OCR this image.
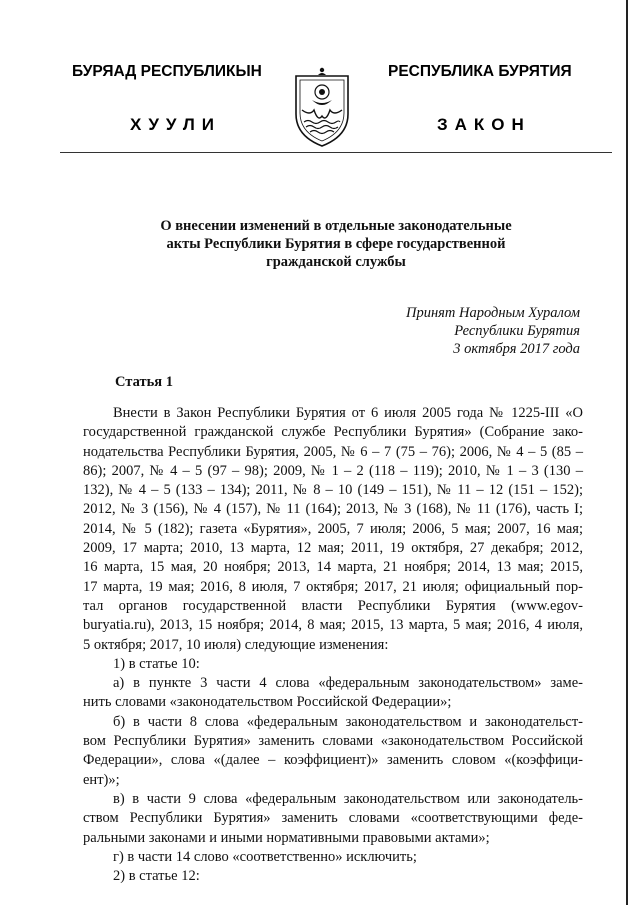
БУРЯАД РЕСПУБЛИКЫН
ХУУЛИ
РЕСПУБЛИКА БУРЯТИЯ
ЗАКОН
О внесении изменений в отдельные законодательные
акты Республики Бурятия в сфере государственной
гражданской службы
Принят Народным Хуралом
Республики Бурятия
3 октября 2017 года
Статья 1
Внести в Закон Республики Бурятия от 6 июля 2005 года № 1225-III «О
государственной гражданской службе Республики Бурятия» (Собрание зако-
нодательства Республики Бурятия, 2005, № 6 – 7 (75 – 76); 2006, № 4 – 5 (85 –
86); 2007, № 4 – 5 (97 – 98); 2009, № 1 – 2 (118 – 119); 2010, № 1 – 3 (130 –
132), № 4 – 5 (133 – 134); 2011, № 8 – 10 (149 – 151), № 11 – 12 (151 – 152);
2012, № 3 (156), № 4 (157), № 11 (164); 2013, № 3 (168), № 11 (176), часть I;
2014, № 5 (182); газета «Бурятия», 2005, 7 июля; 2006, 5 мая; 2007, 16 мая;
2009, 17 марта; 2010, 13 марта, 12 мая; 2011, 19 октября, 27 декабря; 2012,
16 марта, 15 мая, 20 ноября; 2013, 14 марта, 21 ноября; 2014, 13 мая; 2015,
17 марта, 19 мая; 2016, 8 июля, 7 октября; 2017, 21 июля; официальный пор-
тал органов государственной власти Республики Бурятия (www.egov-
buryatia.ru), 2013, 15 ноября; 2014, 8 мая; 2015, 13 марта, 5 мая; 2016, 4 июля,
5 октября; 2017, 10 июля) следующие изменения:
1) в статье 10:
а) в пункте 3 части 4 слова «федеральным законодательством» заме-
нить словами «законодательством Российской Федерации»;
б) в части 8 слова «федеральным законодательством и законодательст-
вом Республики Бурятия» заменить словами «законодательством Российской
Федерации», слова «(далее – коэффициент)» заменить словом «(коэффици-
ент)»;
в) в части 9 слова «федеральным законодательством или законодатель-
ством Республики Бурятия» заменить словами «соответствующими феде-
ральными законами и иными нормативными правовыми актами»;
г) в части 14 слово «соответственно» исключить;
2) в статье 12:
